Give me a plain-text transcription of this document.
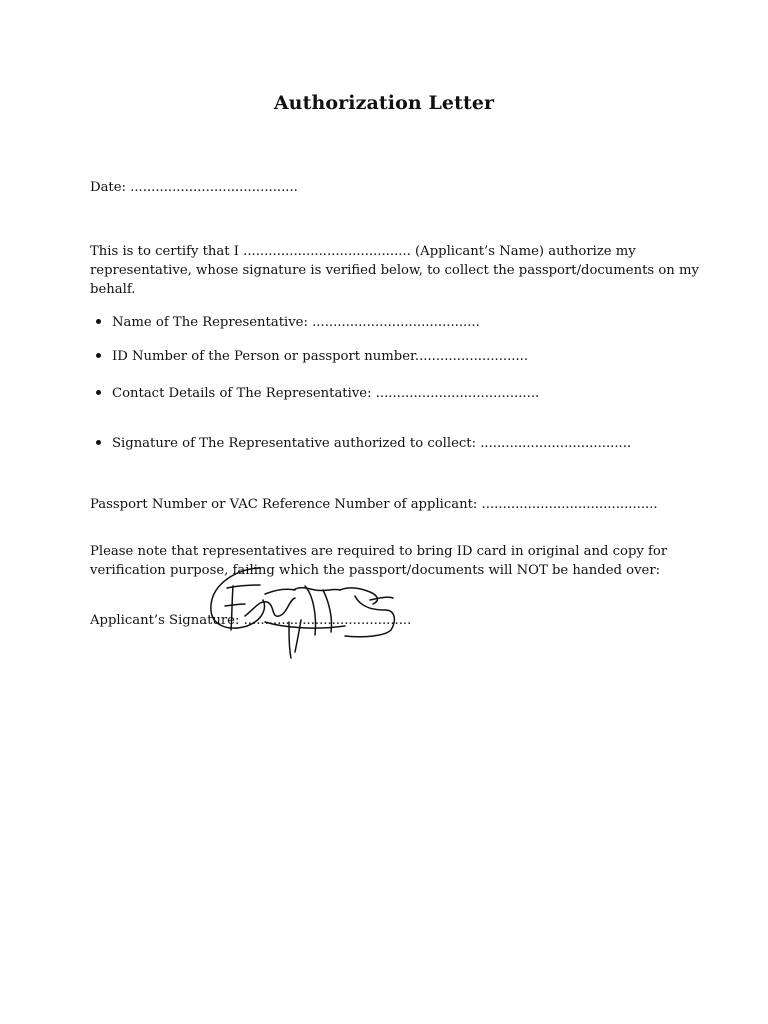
Authorization Letter

Date: ........................................

This is to certify that I ........................................ (Applicant’s Name) authorize my
representative, whose signature is verified below, to collect the passport/documents on my
behalf.
Name of The Representative: ........................................
ID Number of the Person or passport number...........................
Contact Details of The Representative: .......................................
Signature of The Representative authorized to collect: ....................................

Passport Number or VAC Reference Number of applicant: ..........................................

Please note that representatives are required to bring ID card in original and copy for
verification purpose, failing which the passport/documents will NOT be handed over:

Applicant’s Signature: ........................................
